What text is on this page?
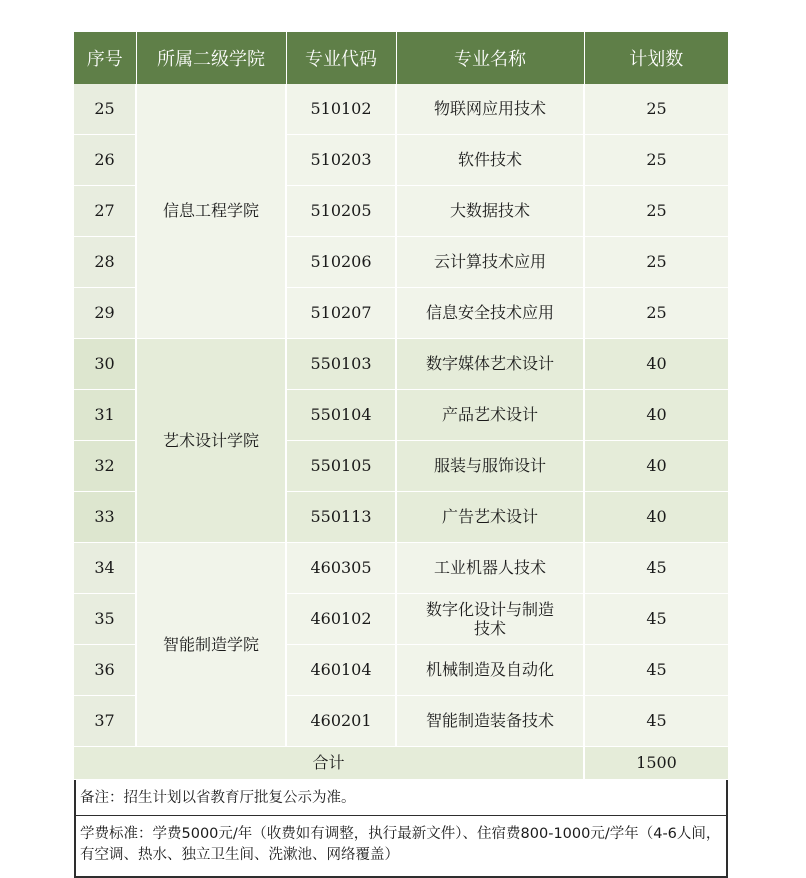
序号	所属二级学院	专业代码	专业名称	计划数
25	信息工程学院	510102	物联网应用技术	25
26		510203	软件技术	25
27		510205	大数据技术	25
28		510206	云计算技术应用	25
29		510207	信息安全技术应用	25
30	艺术设计学院	550103	数字媒体艺术设计	40
31		550104	产品艺术设计	40
32		550105	服装与服饰设计	40
33		550113	广告艺术设计	40
34	智能制造学院	460305	工业机器人技术	45
35		460102	数字化设计与制造技术	45
36		460104	机械制造及自动化	45
37		460201	智能制造装备技术	45
合计				1500
备注：招生计划以省教育厅批复公示为准。
学费标准：学费5000元/年（收费如有调整，执行最新文件）、住宿费800-1000元/学年（4-6人间，有空调、热水、独立卫生间、洗漱池、网络覆盖）
